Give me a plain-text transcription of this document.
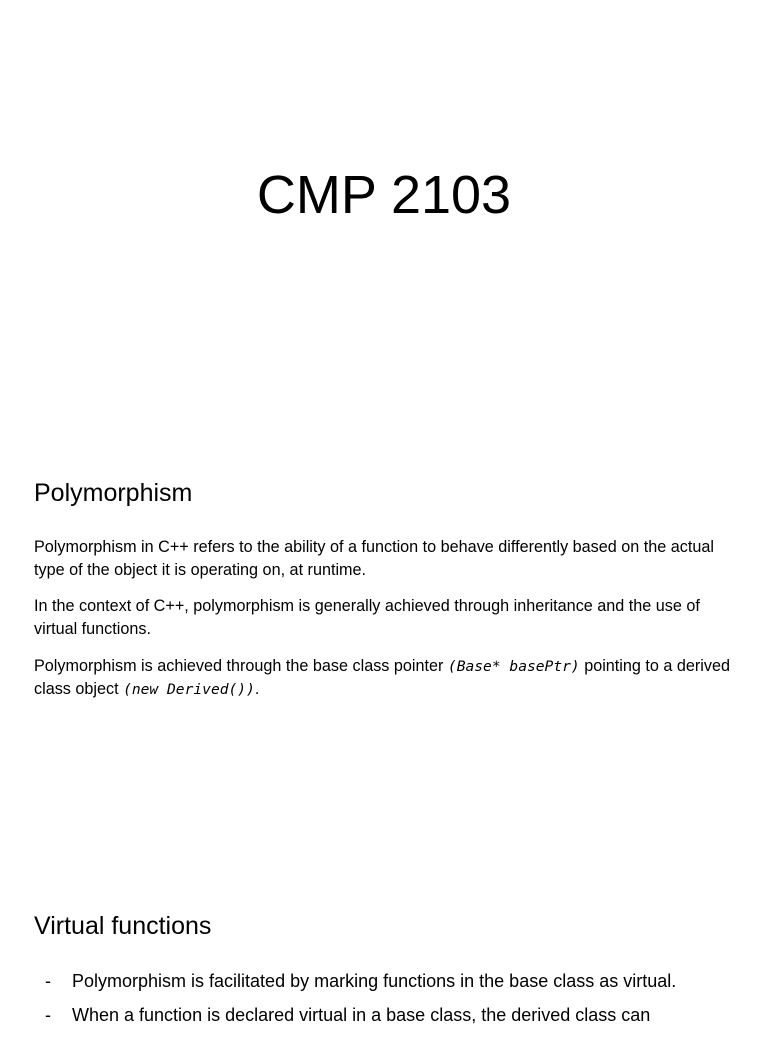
CMP 2103
Polymorphism

Polymorphism in C++ refers to the ability of a function to behave differently based on the actual type of the object it is operating on, at runtime.

In the context of C++, polymorphism is generally achieved through inheritance and the use of virtual functions.

Polymorphism is achieved through the base class pointer (Base* basePtr) pointing to a derived class object (new Derived()).

Virtual functions
- Polymorphism is facilitated by marking functions in the base class as virtual.
- When a function is declared virtual in a base class, the derived class can
